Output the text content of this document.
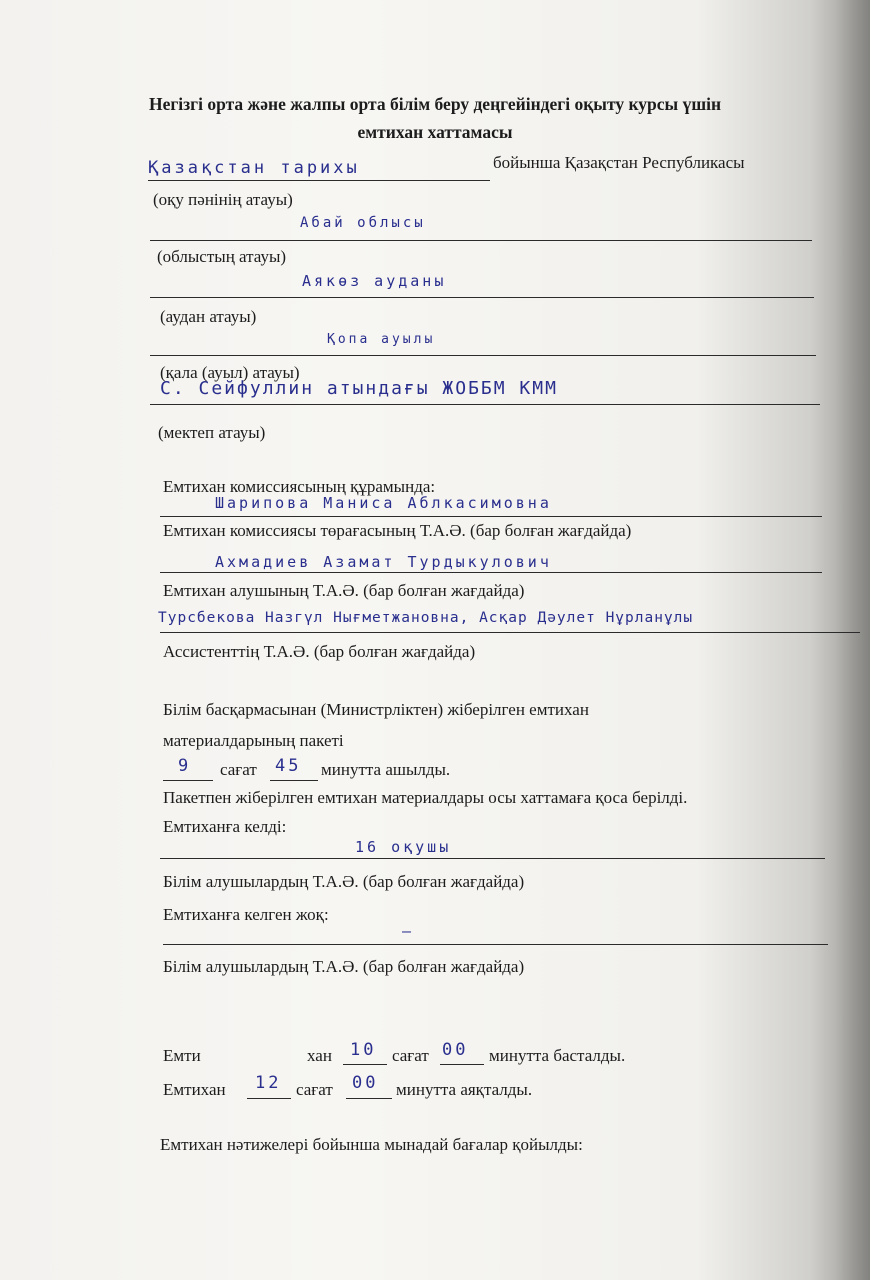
Негізгі орта және жалпы орта білім беру деңгейіндегі оқыту курсы үшін
емтихан хаттамасы
Қазақстан тарихы	бойынша Қазақстан Республикасы
(оқу пәнінің атауы)
Абай облысы
(облыстың атауы)
Аякөз ауданы
(аудан атауы)
Қопа ауылы
(қала (ауыл) атауы)
С. Сейфуллин атындағы ЖОББМ КММ
(мектеп атауы)
Емтихан комиссиясының құрамында:
Шарипова Маниса Аблкасимовна
Емтихан комиссиясы төрағасының Т.А.Ә. (бар болған жағдайда)
Ахмадиев Азамат Турдыкулович
Емтихан алушының Т.А.Ә. (бар болған жағдайда)
Турсбекова Назгүл Нығметжановна, Асқар Дәулет Нұрланұлы
Ассистенттің Т.А.Ә. (бар болған жағдайда)
Білім басқармасынан (Министрліктен) жіберілген емтихан
материалдарының пакеті
9 сағат 45 минутта ашылды.
Пакетпен жіберілген емтихан материалдары осы хаттамаға қоса берілді.
Емтиханға келді:
16 оқушы
Білім алушылардың Т.А.Ә. (бар болған жағдайда)
Емтиханға келген жоқ:
—
Білім алушылардың Т.А.Ә. (бар болған жағдайда)
Емти	хан 10 сағат 00 минутта басталды.
Емтихан 12 сағат 00 минутта аяқталды.
Емтихан нәтижелері бойынша мынадай бағалар қойылды:
